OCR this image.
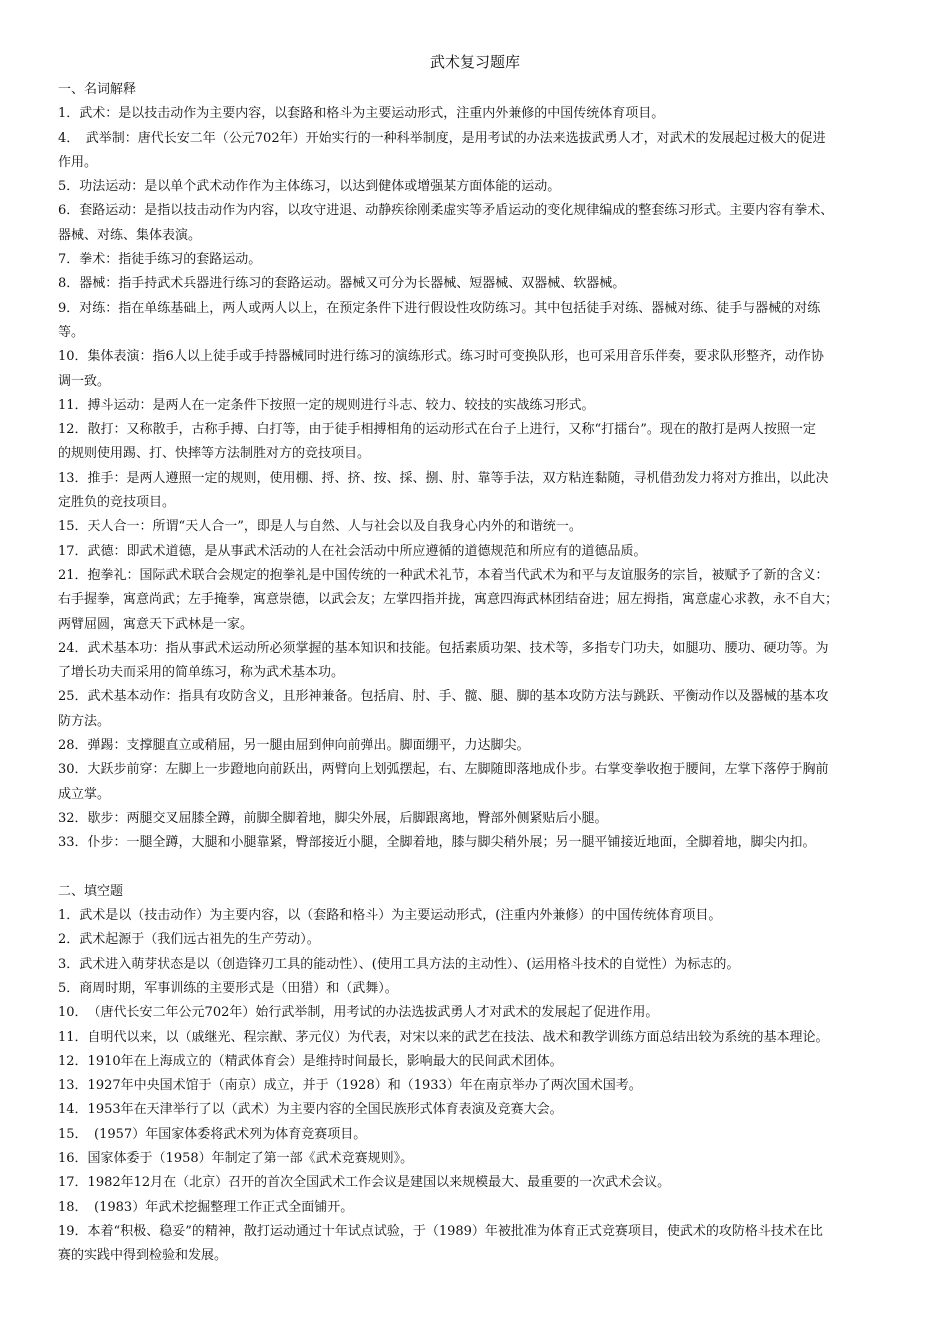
武术复习题库
一、名词解释
1．武术：是以技击动作为主要内容，以套路和格斗为主要运动形式，注重内外兼修的中国传统体育项目。
4．　武举制：唐代长安二年（公元702年）开始实行的一种科举制度，是用考试的办法来选拔武勇人才，对武术的发展起过极大的促进
作用。
5．功法运动：是以单个武术动作作为主体练习，以达到健体或增强某方面体能的运动。
6．套路运动：是指以技击动作为内容，以攻守进退、动静疾徐刚柔虚实等矛盾运动的变化规律编成的整套练习形式。主要内容有拳术、
器械、对练、集体表演。
7．拳术：指徒手练习的套路运动。
8．器械：指手持武术兵器进行练习的套路运动。器械又可分为长器械、短器械、双器械、软器械。
9．对练：指在单练基础上，两人或两人以上，在预定条件下进行假设性攻防练习。其中包括徒手对练、器械对练、徒手与器械的对练
等。
10．集体表演：指6人以上徒手或手持器械同时进行练习的演练形式。练习时可变换队形，也可采用音乐伴奏，要求队形整齐，动作协
调一致。
11．搏斗运动：是两人在一定条件下按照一定的规则进行斗志、较力、较技的实战练习形式。
12．散打：又称散手，古称手搏、白打等，由于徒手相搏相角的运动形式在台子上进行，又称“打擂台”。现在的散打是两人按照一定
的规则使用踢、打、快摔等方法制胜对方的竞技项目。
13．推手：是两人遵照一定的规则，使用棚、捋、挤、按、採、捌、肘、靠等手法，双方粘连黏随，寻机借劲发力将对方推出，以此决
定胜负的竞技项目。
15．天人合一：所谓“天人合一”，即是人与自然、人与社会以及自我身心内外的和谐统一。
17．武德：即武术道德，是从事武术活动的人在社会活动中所应遵循的道德规范和所应有的道德品质。
21．抱拳礼：国际武术联合会规定的抱拳礼是中国传统的一种武术礼节，本着当代武术为和平与友谊服务的宗旨，被赋予了新的含义：
右手握拳，寓意尚武；左手掩拳，寓意崇德，以武会友；左掌四指并拢，寓意四海武林团结奋进；屈左拇指，寓意虚心求教，永不自大；
两臂屈圆，寓意天下武林是一家。
24．武术基本功：指从事武术运动所必须掌握的基本知识和技能。包括素质功架、技术等，多指专门功夫，如腿功、腰功、硬功等。为
了增长功夫而采用的简单练习，称为武术基本功。
25．武术基本动作：指具有攻防含义，且形神兼备。包括肩、肘、手、髋、腿、脚的基本攻防方法与跳跃、平衡动作以及器械的基本攻
防方法。
28．弹踢：支撑腿直立或稍屈，另一腿由屈到伸向前弹出。脚面绷平，力达脚尖。
30．大跃步前穿：左脚上一步蹬地向前跃出，两臂向上划弧摆起，右、左脚随即落地成仆步。右掌变拳收抱于腰间，左掌下落停于胸前
成立掌。
32．歇步：两腿交叉屈膝全蹲，前脚全脚着地，脚尖外展，后脚跟离地，臀部外侧紧贴后小腿。
33．仆步：一腿全蹲，大腿和小腿靠紧，臀部接近小腿，全脚着地，膝与脚尖稍外展；另一腿平铺接近地面，全脚着地，脚尖内扣。
二、填空题
1．武术是以（技击动作）为主要内容，以（套路和格斗）为主要运动形式，(注重内外兼修）的中国传统体育项目。
2．武术起源于（我们远古祖先的生产劳动）。
3．武术进入萌芽状态是以（创造锋刃工具的能动性）、(使用工具方法的主动性）、(运用格斗技术的自觉性）为标志的。
5．商周时期，军事训练的主要形式是（田猎）和（武舞）。
10．　（唐代长安二年公元702年）始行武举制，用考试的办法选拔武勇人才对武术的发展起了促进作用。
11．自明代以来，以（戚继光、程宗猷、茅元仪）为代表，对宋以来的武艺在技法、战术和教学训练方面总结出较为系统的基本理论。
12．1910年在上海成立的（精武体育会）是维持时间最长，影响最大的民间武术团体。
13．1927年中央国术馆于（南京）成立，并于（1928）和（1933）年在南京举办了两次国术国考。
14．1953年在天津举行了以（武术）为主要内容的全国民族形式体育表演及竞赛大会。
15．　(1957）年国家体委将武术列为体育竞赛项目。
16．国家体委于（1958）年制定了第一部《武术竞赛规则》。
17．1982年12月在（北京）召开的首次全国武术工作会议是建国以来规模最大、最重要的一次武术会议。
18．　(1983）年武术挖掘整理工作正式全面铺开。
19．本着“积极、稳妥”的精神，散打运动通过十年试点试验，于（1989）年被批准为体育正式竞赛项目，使武术的攻防格斗技术在比
赛的实践中得到检验和发展。
